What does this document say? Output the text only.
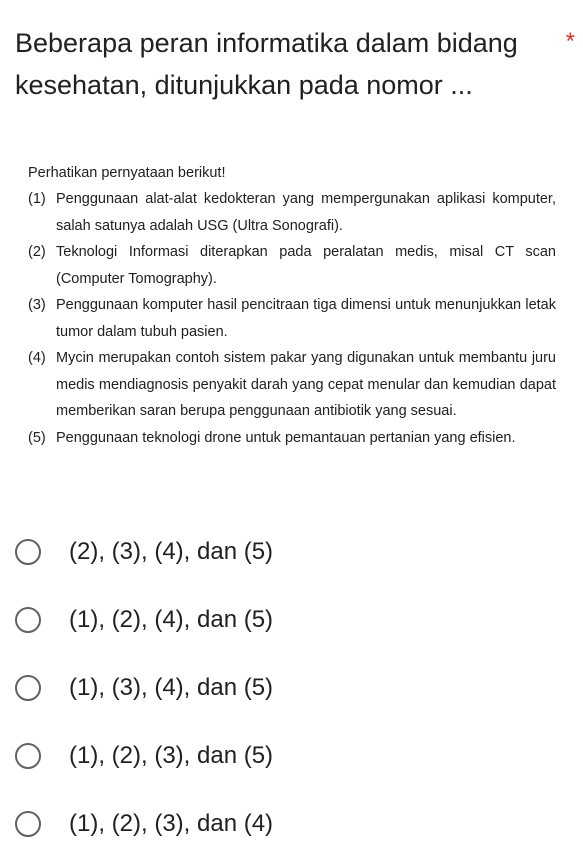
Beberapa peran informatika dalam bidang kesehatan, ditunjukkan pada nomor ...
*

Perhatikan pernyataan berikut!

(1) Penggunaan alat-alat kedokteran yang mempergunakan aplikasi komputer, salah satunya adalah USG (Ultra Sonografi).
(2) Teknologi Informasi diterapkan pada peralatan medis, misal CT scan (Computer Tomography).
(3) Penggunaan komputer hasil pencitraan tiga dimensi untuk menunjukkan letak tumor dalam tubuh pasien.
(4) Mycin merupakan contoh sistem pakar yang digunakan untuk membantu juru medis mendiagnosis penyakit darah yang cepat menular dan kemudian dapat memberikan saran berupa penggunaan antibiotik yang sesuai.
(5) Penggunaan teknologi drone untuk pemantauan pertanian yang efisien.
(2), (3), (4), dan (5)
(1), (2), (4), dan (5)
(1), (3), (4), dan (5)
(1), (2), (3), dan (5)
(1), (2), (3), dan (4)
